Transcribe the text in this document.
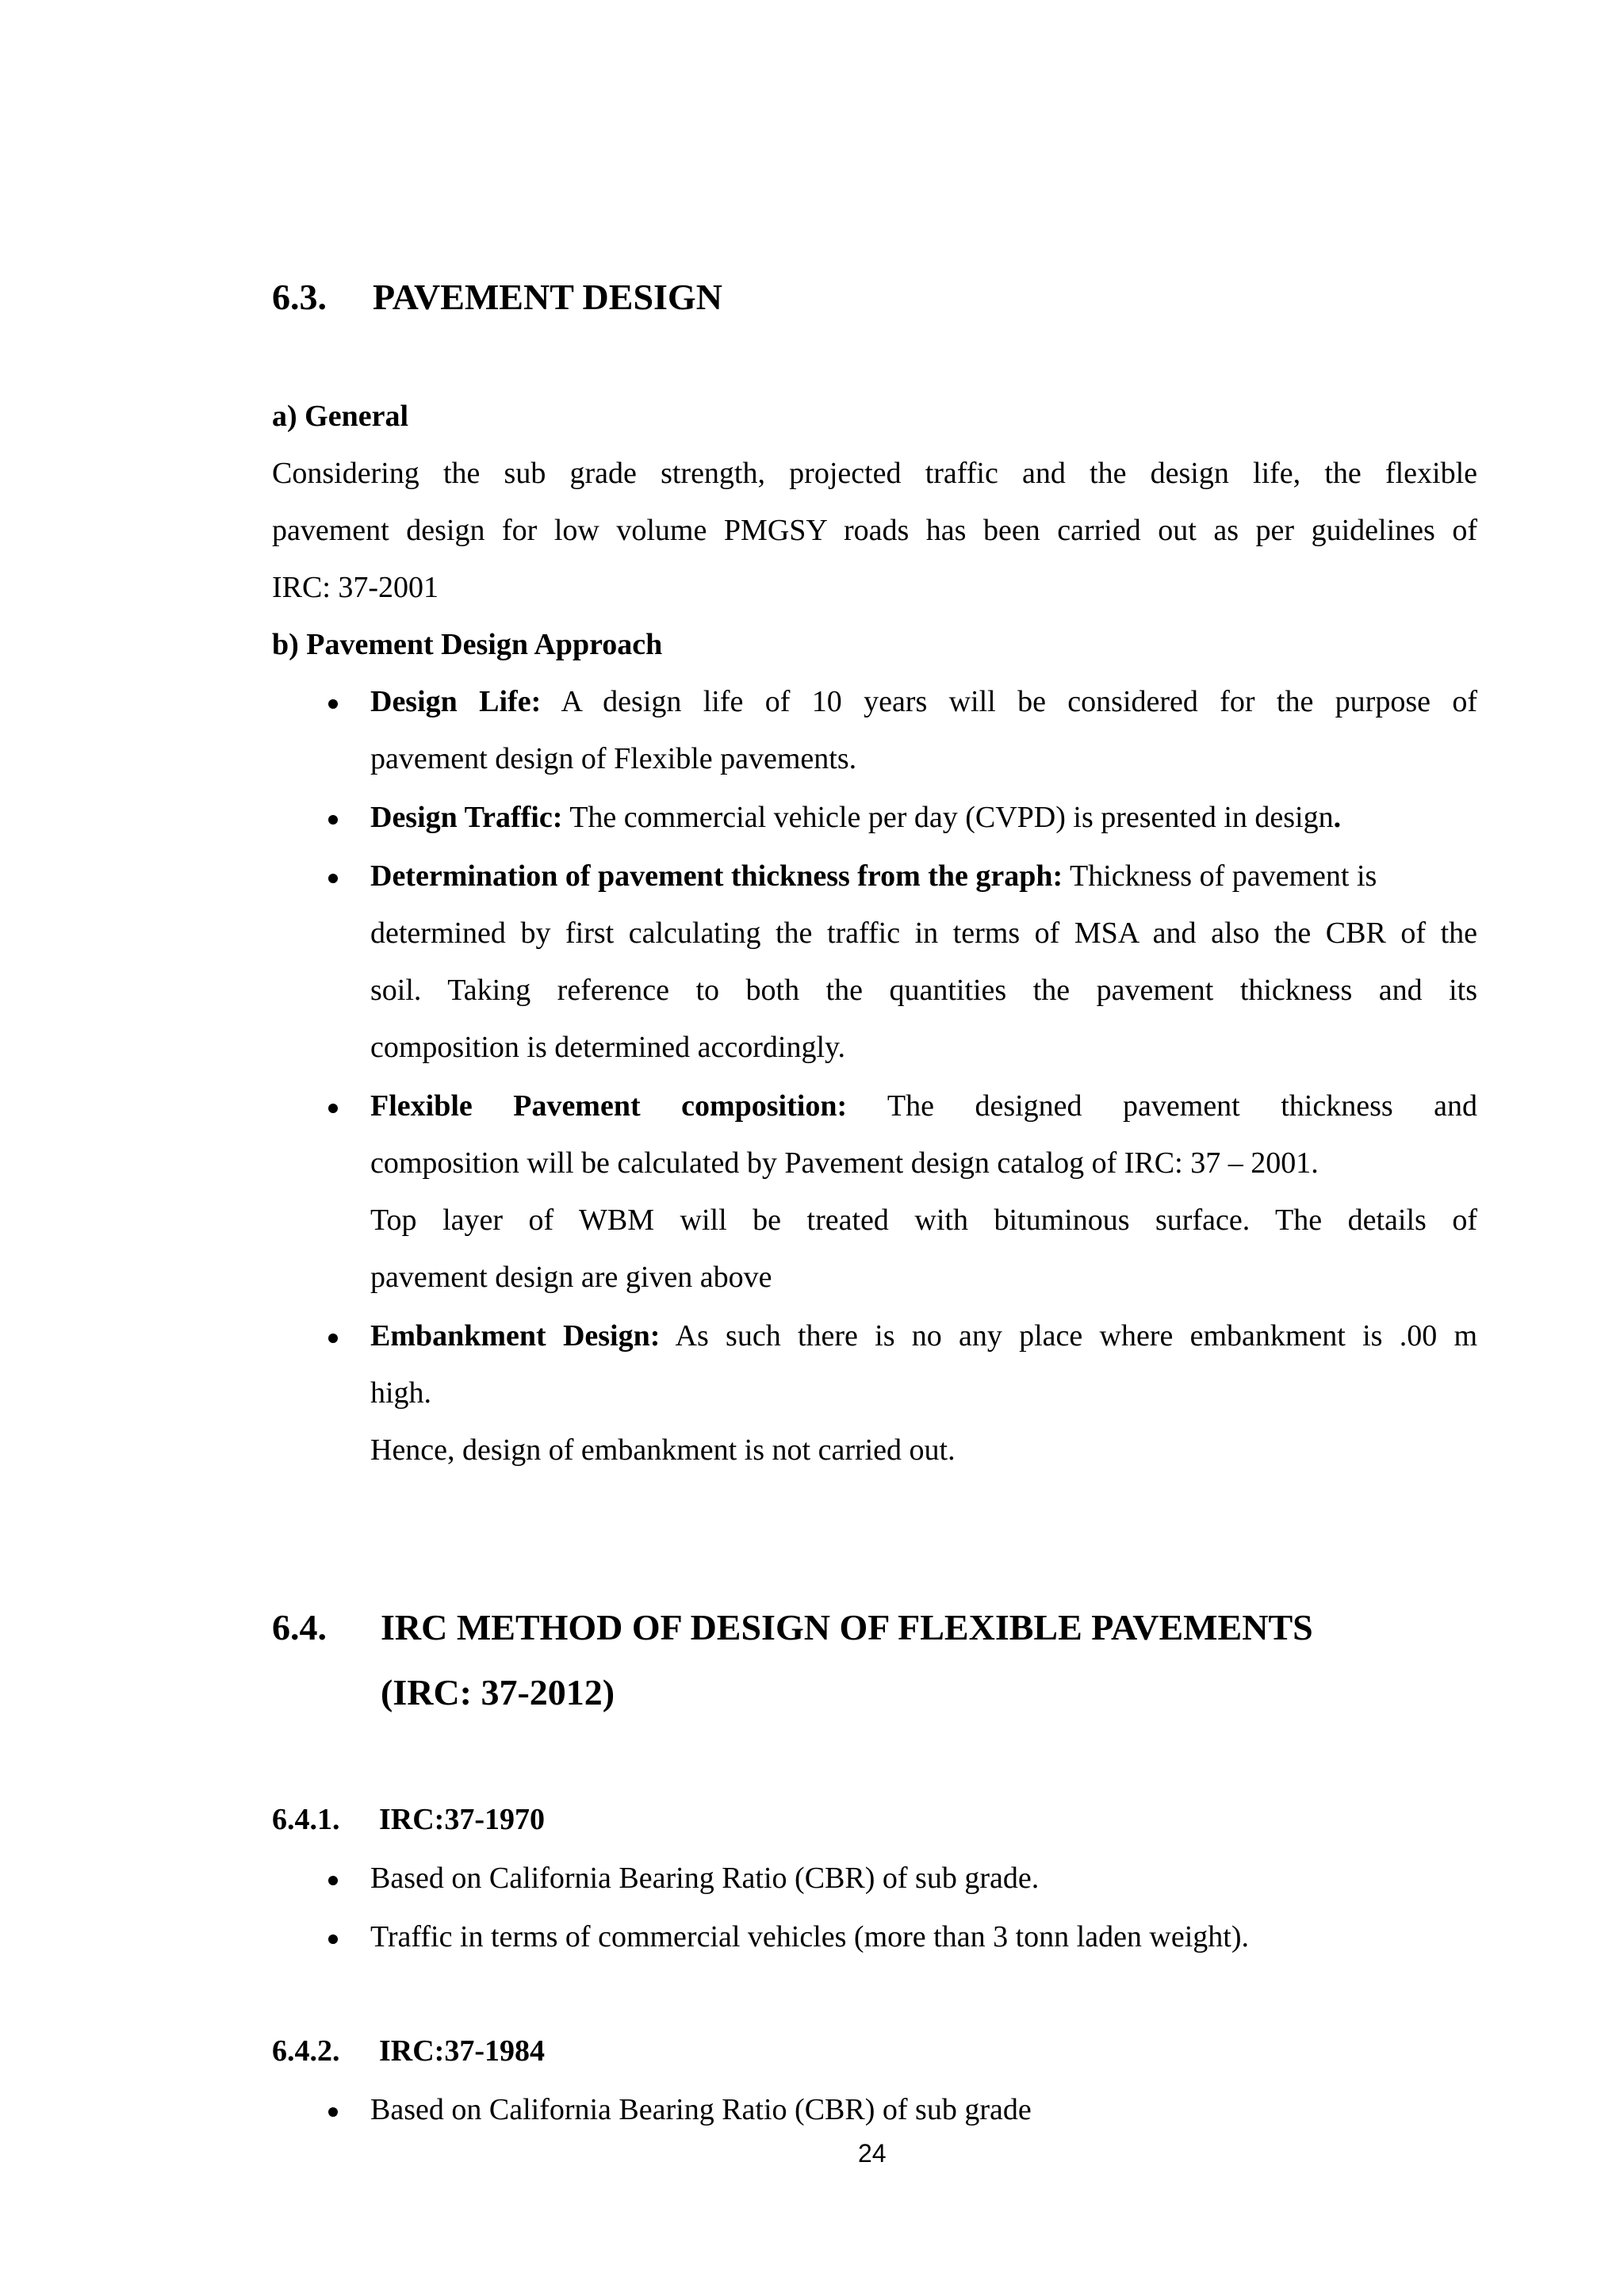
6.3. PAVEMENT DESIGN
a) General
Considering the sub grade strength, projected traffic and the design life, the flexible
pavement design for low volume PMGSY roads has been carried out as per guidelines of
IRC: 37-2001
b) Pavement Design Approach
Design Life: A design life of 10 years will be considered for the purpose of
pavement design of Flexible pavements.
Design Traffic: The commercial vehicle per day (CVPD) is presented in design.
Determination of pavement thickness from the graph: Thickness of pavement is
determined by first calculating the traffic in terms of MSA and also the CBR of the
soil. Taking reference to both the quantities the pavement thickness and its
composition is determined accordingly.
Flexible Pavement composition: The designed pavement thickness and
composition will be calculated by Pavement design catalog of IRC: 37 – 2001.
Top layer of WBM will be treated with bituminous surface. The details of
pavement design are given above
Embankment Design: As such there is no any place where embankment is .00 m
high.
Hence, design of embankment is not carried out.
6.4. IRC METHOD OF DESIGN OF FLEXIBLE PAVEMENTS
(IRC: 37-2012)
6.4.1. IRC:37-1970
Based on California Bearing Ratio (CBR) of sub grade.
Traffic in terms of commercial vehicles (more than 3 tonn laden weight).
6.4.2. IRC:37-1984
Based on California Bearing Ratio (CBR) of sub grade
24
